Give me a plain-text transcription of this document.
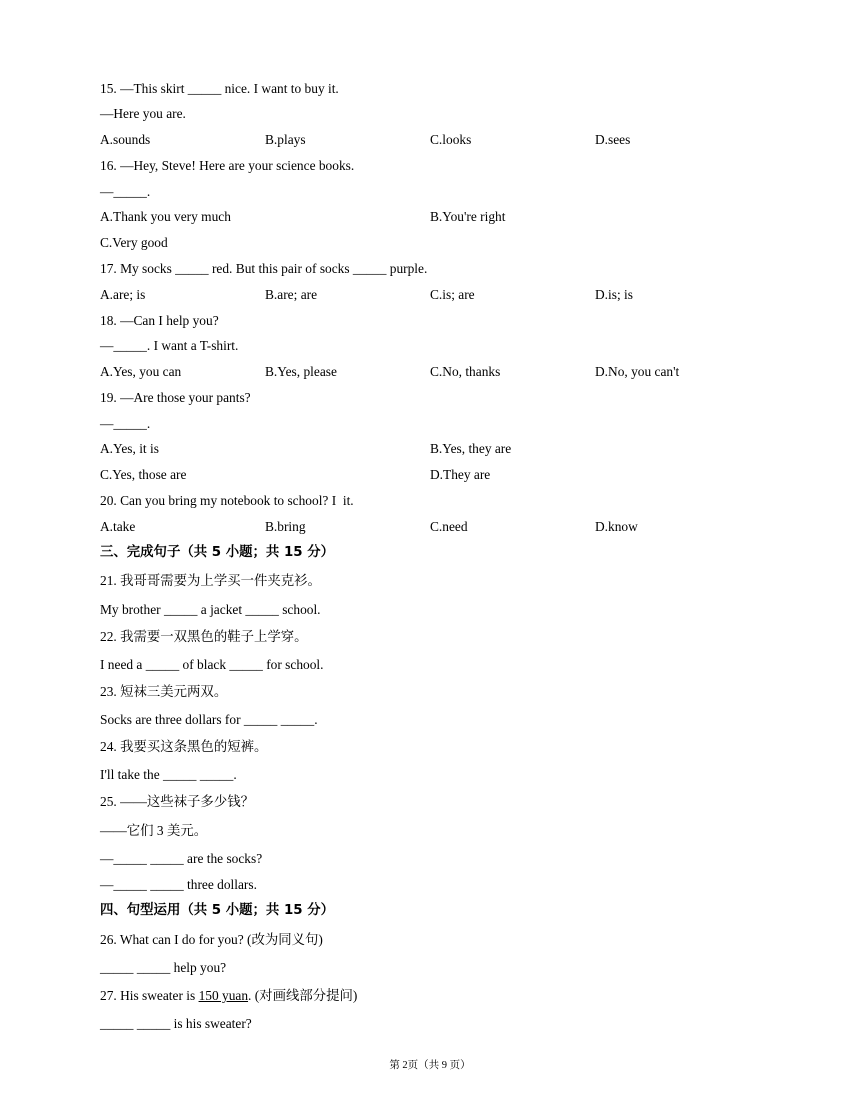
15. —This skirt _____ nice. I want to buy it.
—Here you are.
A.sounds	B.plays	C.looks	D.sees
16. —Hey, Steve! Here are your science books.
—_____.
A.Thank you very much	B.You're right
C.Very good
17. My socks _____ red. But this pair of socks _____ purple.
A.are; is	B.are; are	C.is; are	D.is; is
18. —Can I help you?
—_____. I want a T-shirt.
A.Yes, you can	B.Yes, please	C.No, thanks	D.No, you can't
19. —Are those your pants?
—_____.
A.Yes, it is	B.Yes, they are
C.Yes, those are	D.They are
20. Can you bring my notebook to school? I  it.
A.take	B.bring	C.need	D.know
三、完成句子（共 5 小题；共 15 分）
21. 我哥哥需要为上学买一件夹克衫。
My brother _____ a jacket _____ school.
22. 我需要一双黑色的鞋子上学穿。
I need a _____ of black _____ for school.
23. 短袜三美元两双。
Socks are three dollars for _____ _____.
24. 我要买这条黑色的短裤。
I'll take the _____ _____.
25. ——这些袜子多少钱？
——它们 3 美元。
—_____ _____ are the socks?
—_____ _____ three dollars.
四、句型运用（共 5 小题；共 15 分）
26. What can I do for you? (改为同义句)
_____ _____ help you?
27. His sweater is 150 yuan. (对画线部分提问)
_____ _____ is his sweater?
第 2页（共 9 页）
